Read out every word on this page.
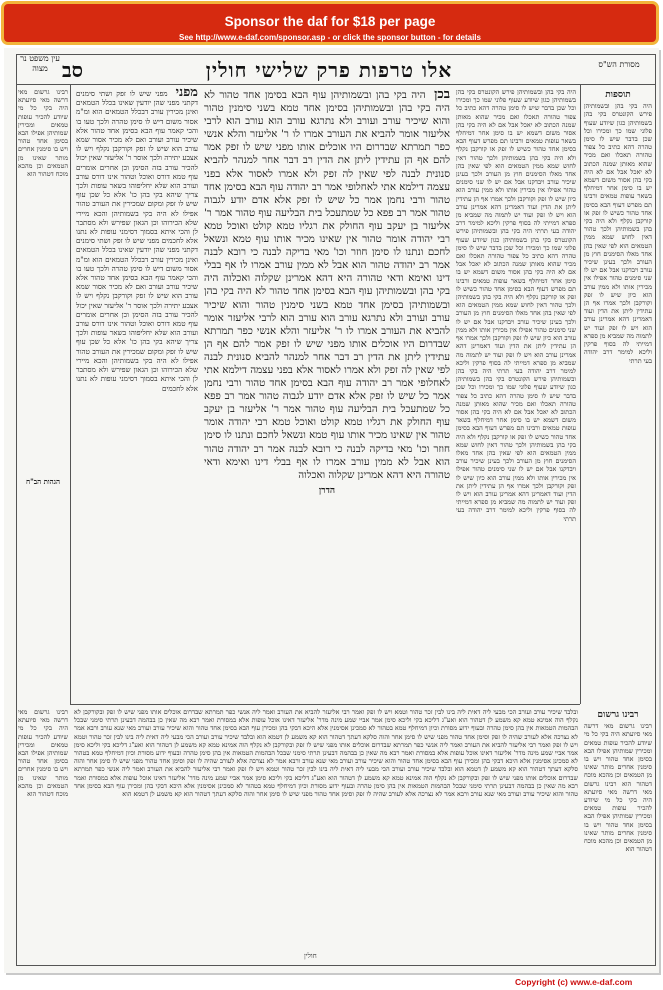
Sponsor the daf for $18 per page
See http://www.e-daf.com/sponsor.asp - or click the sponsor button - for details
אלו טרפות פרק שלישי חולין
סב
עין משפט נר מצוה	מסורת הש"ס
תוספות
היה בקי בהן ובשמותיהן פירש הקונטרס בקי בהן בשמותיהן כגון שיודע שעוף פלוני שמו כך ומכירו וכל שכן בדבר שיש לו סימן טהרה דהא כתיב כל צפור טהורה תאכלו ואם מכיר שהוא מאותן שמנה הכתוב לא יאכל אבל אם לא היה בקי בהן אסור משום דשמא יש בו סימן אחר דמיחלף בשאר עופות טמאים ורבינו תם מפרש דעוף הבא בסימן אחד טהור כשיש לו זפק או קורקבן נקלף ולא היה בקי בהן בשמותיהן ולכך טהור דאין לחוש שמא ממין הטמאים הוא לפי שאין בהן אחד מאלו הסימנים חוץ מן העורב ולכך בעינן שיכיר עורב ויבדקנו אבל אם יש לו שני סימנים טהור אפילו אין מכירין אותו ולא ממין עורב הוא כיון שיש לו זפק וקורקבן ולכך אמרו אף הן עתידין ליתן את הדין ועוד דאמרינן דהא אמרינן עורב הוא ויש לו זפק ועוד יש לתמוה מה שמביא מן ספרא דמייתי לה בסוף פרקין וליכא למימר דרב יהודה בעי תרתי
היה בקי בהן ובשמותיהן פירש הקונטרס בקי בהן בשמותיהן כגון שיודע שעוף פלוני שמו כך ומכירו וכל שכן בדבר שיש לו סימן טהרה דהא כתיב כל צפור טהורה תאכלו ואם מכיר שהוא מאותן שמנה הכתוב לא יאכל אבל אם לא היה בקי בהן אסור משום דשמא יש בו סימן אחר דמיחלף בשאר עופות טמאים ורבינו תם מפרש דעוף הבא בסימן אחד טהור כשיש לו זפק או קורקבן נקלף ולא היה בקי בהן בשמותיהן ולכך טהור דאין לחוש שמא ממין הטמאים הוא לפי שאין בהן אחד מאלו הסימנים חוץ מן העורב ולכך בעינן שיכיר עורב ויבדקנו אבל אם יש לו שני סימנים טהור אפילו אין מכירין אותו ולא ממין עורב הוא כיון שיש לו זפק וקורקבן ולכך אמרו אף הן עתידין ליתן את הדין ועוד דאמרינן דהא אמרינן עורב הוא ויש לו זפק ועוד יש לתמוה מה שמביא מן ספרא דמייתי לה בסוף פרקין וליכא למימר דרב יהודה בעי תרתי היה בקי בהן ובשמותיהן פירש הקונטרס בקי בהן בשמותיהן כגון שיודע שעוף פלוני שמו כך ומכירו וכל שכן בדבר שיש לו סימן טהרה דהא כתיב כל צפור טהורה תאכלו ואם מכיר שהוא מאותן שמנה הכתוב לא יאכל אבל אם לא היה בקי בהן אסור משום דשמא יש בו סימן אחר דמיחלף בשאר עופות טמאים ורבינו תם מפרש דעוף הבא בסימן אחד טהור כשיש לו זפק או קורקבן נקלף ולא היה בקי בהן בשמותיהן ולכך טהור דאין לחוש שמא ממין הטמאים הוא לפי שאין בהן אחד מאלו הסימנים חוץ מן העורב ולכך בעינן שיכיר עורב ויבדקנו אבל אם יש לו שני סימנים טהור אפילו אין מכירין אותו ולא ממין עורב הוא כיון שיש לו זפק וקורקבן ולכך אמרו אף הן עתידין ליתן את הדין ועוד דאמרינן דהא אמרינן עורב הוא ויש לו זפק ועוד יש לתמוה מה שמביא מן ספרא דמייתי לה בסוף פרקין וליכא למימר דרב יהודה בעי תרתי היה בקי בהן ובשמותיהן פירש הקונטרס בקי בהן בשמותיהן כגון שיודע שעוף פלוני שמו כך ומכירו וכל שכן בדבר שיש לו סימן טהרה דהא כתיב כל צפור טהורה תאכלו ואם מכיר שהוא מאותן שמנה הכתוב לא יאכל אבל אם לא היה בקי בהן אסור משום דשמא יש בו סימן אחר דמיחלף בשאר עופות טמאים ורבינו תם מפרש דעוף הבא בסימן אחד טהור כשיש לו זפק או קורקבן נקלף ולא היה בקי בהן בשמותיהן ולכך טהור דאין לחוש שמא ממין הטמאים הוא לפי שאין בהן אחד מאלו הסימנים חוץ מן העורב ולכך בעינן שיכיר עורב ויבדקנו אבל אם יש לו שני סימנים טהור אפילו אין מכירין אותו ולא ממין עורב הוא כיון שיש לו זפק וקורקבן ולכך אמרו אף הן עתידין ליתן את הדין ועוד דאמרינן דהא אמרינן עורב הוא ויש לו זפק ועוד יש לתמוה מה שמביא מן ספרא דמייתי לה בסוף פרקין וליכא למימר דרב יהודה בעי תרתי
בכן היה בקי בהן ובשמותיהן עוף הבא בסימן אחד טהור לא היה בקי בהן ובשמותיהן בסימן אחד טמא בשני סימנין טהור והוא שיכיר עורב ועורב ולא נתרגא עורב הוא עורב הוא לרבי אליעזר אומר להביא את העורב אמרו לו ר' אליעזר והלא אנשי כפר תמרתא שבדרום היו אוכלים אותו מפני שיש לו זפק אמר להם אף הן עתידין ליתן את הדין רב דבר אחר למנהר להביא סנונית לבנה לפי שאין לה זפק ולא אמרו לאסור אלא בפני עצמה דילמא אתי לאחלופי אמר רב יהודה עוף הבא בסימן אחד טהור ורבי נחמן אמר כל שיש לו זפק אלא אדם יודע לגבוה טהור אמר רב פפא כל שמתעכל בית הבליעה עוף טהור אמר ר' אליעזר בן יעקב עוף החולק את רגליו טמא קולט ואוכל טמא רבי יהודה אומר טהור אין שאינו מכיר אותו עוף טמא ונשאל לחכם ונתנו לו סימן חוזר וכו' מאי בדיקה לבנה כי רובא לבנה אמר רב יהודה טהור הוא אבל לא ממין עורב אמרו לו אף בבלי דינו ואימא ודאי טהורה היא דהא אמרינן שקלוה ואכלוה היה בקי בהן ובשמותיהן עוף הבא בסימן אחד טהור לא היה בקי בהן ובשמותיהן בסימן אחד טמא בשני סימנין טהור והוא שיכיר עורב ועורב ולא נתרגא עורב הוא עורב הוא לרבי אליעזר אומר להביא את העורב אמרו לו ר' אליעזר והלא אנשי כפר תמרתא שבדרום היו אוכלים אותו מפני שיש לו זפק אמר להם אף הן עתידין ליתן את הדין רב דבר אחר למנהר להביא סנונית לבנה לפי שאין לה זפק ולא אמרו לאסור אלא בפני עצמה דילמא אתי לאחלופי אמר רב יהודה עוף הבא בסימן אחד טהור ורבי נחמן אמר כל שיש לו זפק אלא אדם יודע לגבוה טהור אמר רב פפא כל שמתעכל בית הבליעה עוף טהור אמר ר' אליעזר בן יעקב עוף החולק את רגליו טמא קולט ואוכל טמא רבי יהודה אומר טהור אין שאינו מכיר אותו עוף טמא ונשאל לחכם ונתנו לו סימן חוזר וכו' מאי בדיקה לבנה כי רובא לבנה אמר רב יהודה טהור הוא אבל לא ממין עורב אמרו לו אף בבלי דינו ואימא ודאי טהורה היא דהא אמרינן שקלוה ואכלוה
הדרן
מפני מפני שיש לו זפק ושתי סימנים דקתני מפני שהן יודעין שאינו בכלל הטמאים ואינן מכירין עורב דבכלל הטמאים הוא ומ"מ אסור משום דיש לו סימן טהרה ולכך טעו בו והכי קאמר עוף הבא בסימן אחד טהור אלא שיכיר עורב ועורב ואם לא מכיר אסור שמא עורב הוא שיש לו זפק וקורקבן נקלף ויש לו אצבע יתירה ולכך אוסר ר' אליעזר שאין יכול להכיר עורב בזה הסימן וכן אחרים אומרים עוף טמא דורס ואוכל וטהור אינו דורס עורב ועורב הוא שלא יחליפוהו בשאר עופות ולכך צריך שיהא בקי בהן כו' אלא כל שכן עוף שיש לו זפק ומקום שמכירין את העורב טהור אפילו לא היה בקי בשמותיהן והכא מיירי שלא הכירוהו וכן הגאון שפירש ולא מסתבר לן והכי איתא בסמוך דסימני עופות לא נתנו אלא לחכמים מפני שיש לו זפק ושתי סימנים דקתני מפני שהן יודעין שאינו בכלל הטמאים ואינן מכירין עורב דבכלל הטמאים הוא ומ"מ אסור משום דיש לו סימן טהרה ולכך טעו בו והכי קאמר עוף הבא בסימן אחד טהור אלא שיכיר עורב ועורב ואם לא מכיר אסור שמא עורב הוא שיש לו זפק וקורקבן נקלף ויש לו אצבע יתירה ולכך אוסר ר' אליעזר שאין יכול להכיר עורב בזה הסימן וכן אחרים אומרים עוף טמא דורס ואוכל וטהור אינו דורס עורב ועורב הוא שלא יחליפוהו בשאר עופות ולכך צריך שיהא בקי בהן כו' אלא כל שכן עוף שיש לו זפק ומקום שמכירין את העורב טהור אפילו לא היה בקי בשמותיהן והכא מיירי שלא הכירוהו וכן הגאון שפירש ולא מסתבר לן והכי איתא בסמוך דסימני עופות לא נתנו אלא לחכמים
רבינו גרשום מאי דרשה מאי סיועתא היה בקי כל מי שיודע להכיר עופות טמאים ומכירין שמותיהן אפילו הבא בסימן אחד טהור ויש בו סימנין אחרים מותר שאינו מן הטמאים וכן מהכא מוכח דטהור הוא
הגהות הב"ח
ובלבד שיכיר עורב ועורב הכי מבעי ליה דאית ליה בינו לבין זכר טהור וטמא ויש לו זפק ואמר רבי אליעזר להביא את העורב ואמר ליה אנשי כפר תמרתא שבדרום אוכלים אותו מפני שיש לו זפק ובקורקבן לא נקלף הוה אמינא טמא קא משמע לן דטהור הוא ואע"ג דליכא בקי וליכא סימן אמר אביי שמע מינה מדר' אליעזר דאינו אוכל עופות אלא במסורת ואמר רבא מה שאין כן בבהמה דבעינן תרתי סימני שבכל הבהמות הטמאות אין בהן סימן טהרה ובעוף ידוע מסורת וכיון דמיחלף טמא בטהור לא סמכינן אסימנין אלא היכא דבקי בהן ומכירן עוף הבא בסימן אחד טהור והוא שיכיר עורב ועורב מאי שנא עורב ורבא אמר לא נצרכה אלא לעורב שהיה לו זפק וסימן אחד טהור מפני שיש לו סימן אחר והוה סלקא דעתך דטהור הוא קא משמע לן דטמא הוא ובלבד שיכיר עורב ועורב הכי מבעי ליה דאית ליה בינו לבין זכר טהור וטמא ויש לו זפק ואמר רבי אליעזר להביא את העורב ואמר ליה אנשי כפר תמרתא שבדרום אוכלים אותו מפני שיש לו זפק ובקורקבן לא נקלף הוה אמינא טמא קא משמע לן דטהור הוא ואע"ג דליכא בקי וליכא סימן אמר אביי שמע מינה מדר' אליעזר דאינו אוכל עופות אלא במסורת ואמר רבא מה שאין כן בבהמה דבעינן תרתי סימני שבכל הבהמות הטמאות אין בהן סימן טהרה ובעוף ידוע מסורת וכיון דמיחלף טמא בטהור לא סמכינן אסימנין אלא היכא דבקי בהן ומכירן עוף הבא בסימן אחד טהור והוא שיכיר עורב ועורב מאי שנא עורב ורבא אמר לא נצרכה אלא לעורב שהיה לו זפק וסימן אחד טהור מפני שיש לו סימן אחר והוה סלקא דעתך דטהור הוא קא משמע לן דטמא הוא ובלבד שיכיר עורב ועורב הכי מבעי ליה דאית ליה בינו לבין זכר טהור וטמא ויש לו זפק ואמר רבי אליעזר להביא את העורב ואמר ליה אנשי כפר תמרתא שבדרום אוכלים אותו מפני שיש לו זפק ובקורקבן לא נקלף הוה אמינא טמא קא משמע לן דטהור הוא ואע"ג דליכא בקי וליכא סימן אמר אביי שמע מינה מדר' אליעזר דאינו אוכל עופות אלא במסורת ואמר רבא מה שאין כן בבהמה דבעינן תרתי סימני שבכל הבהמות הטמאות אין בהן סימן טהרה ובעוף ידוע מסורת וכיון דמיחלף טמא בטהור לא סמכינן אסימנין אלא היכא דבקי בהן ומכירן עוף הבא בסימן אחד טהור והוא שיכיר עורב ועורב מאי שנא עורב ורבא אמר לא נצרכה אלא לעורב שהיה לו זפק וסימן אחד טהור מפני שיש לו סימן אחר והוה סלקא דעתך דטהור הוא קא משמע לן דטמא הוא
רבינו גרשום
רבינו גרשום מאי דרשה מאי סיועתא היה בקי כל מי שיודע להכיר עופות טמאים ומכירין שמותיהן אפילו הבא בסימן אחד טהור ויש בו סימנין אחרים מותר שאינו מן הטמאים וכן מהכא מוכח דטהור הוא רבינו גרשום מאי דרשה מאי סיועתא היה בקי כל מי שיודע להכיר עופות טמאים ומכירין שמותיהן אפילו הבא בסימן אחד טהור ויש בו סימנין אחרים מותר שאינו מן הטמאים וכן מהכא מוכח דטהור הוא
רבינו גרשום מאי דרשה מאי סיועתא היה בקי כל מי שיודע להכיר עופות טמאים ומכירין שמותיהן אפילו הבא בסימן אחד טהור ויש בו סימנין אחרים מותר שאינו מן הטמאים וכן מהכא מוכח דטהור הוא
חולין
Copyright (c) www.e-daf.com
